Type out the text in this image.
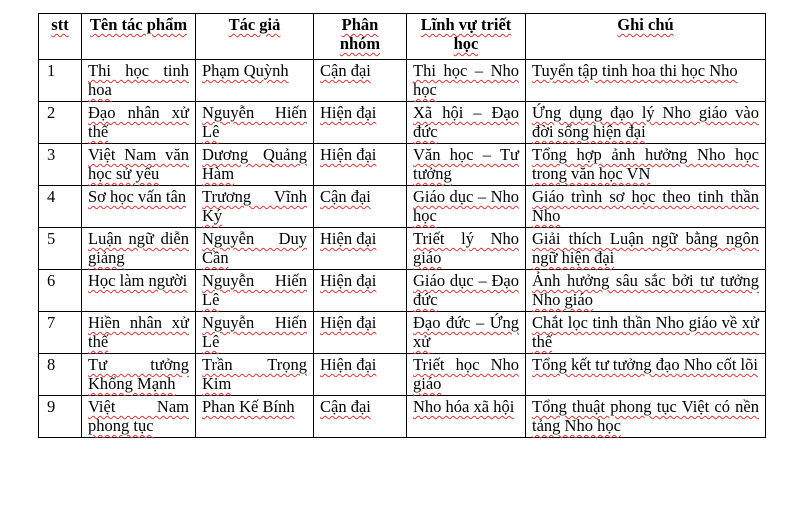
stt	Tên tác phẩm	Tác giả	Phân nhóm	Lĩnh vự triết học	Ghi chú
1	Thi học tinh hoa	Phạm Quỳnh	Cận đại	Thi học – Nho học	Tuyển tập tinh hoa thi học Nho
2	Đạo nhân xử thế	Nguyễn Hiến Lê	Hiện đại	Xã hội – Đạo đức	Ứng dụng đạo lý Nho giáo vào đời sống hiện đại
3	Việt Nam văn học sử yếu	Dương Quảng Hàm	Hiện đại	Văn học – Tư tưởng	Tổng hợp ảnh hưởng Nho học trong văn học VN
4	Sơ học vấn tân	Trương Vĩnh Ký	Cận đại	Giáo dục – Nho học	Giáo trình sơ học theo tinh thần Nho
5	Luận ngữ diễn giảng	Nguyễn Duy Cần	Hiện đại	Triết lý Nho giáo	Giải thích Luận ngữ bằng ngôn ngữ hiện đại
6	Học làm người	Nguyễn Hiến Lê	Hiện đại	Giáo dục – Đạo đức	Ảnh hưởng sâu sắc bởi tư tưởng Nho giáo
7	Hiền nhân xử thế	Nguyễn Hiến Lê	Hiện đại	Đạo đức – Ứng xử	Chắt lọc tinh thần Nho giáo về xử thế
8	Tư tưởng Khổng Mạnh	Trần Trọng Kim	Hiện đại	Triết học Nho giáo	Tổng kết tư tưởng đạo Nho cốt lõi
9	Việt Nam phong tục	Phan Kế Bính	Cận đại	Nho hóa xã hội	Tổng thuật phong tục Việt có nền tảng Nho học
